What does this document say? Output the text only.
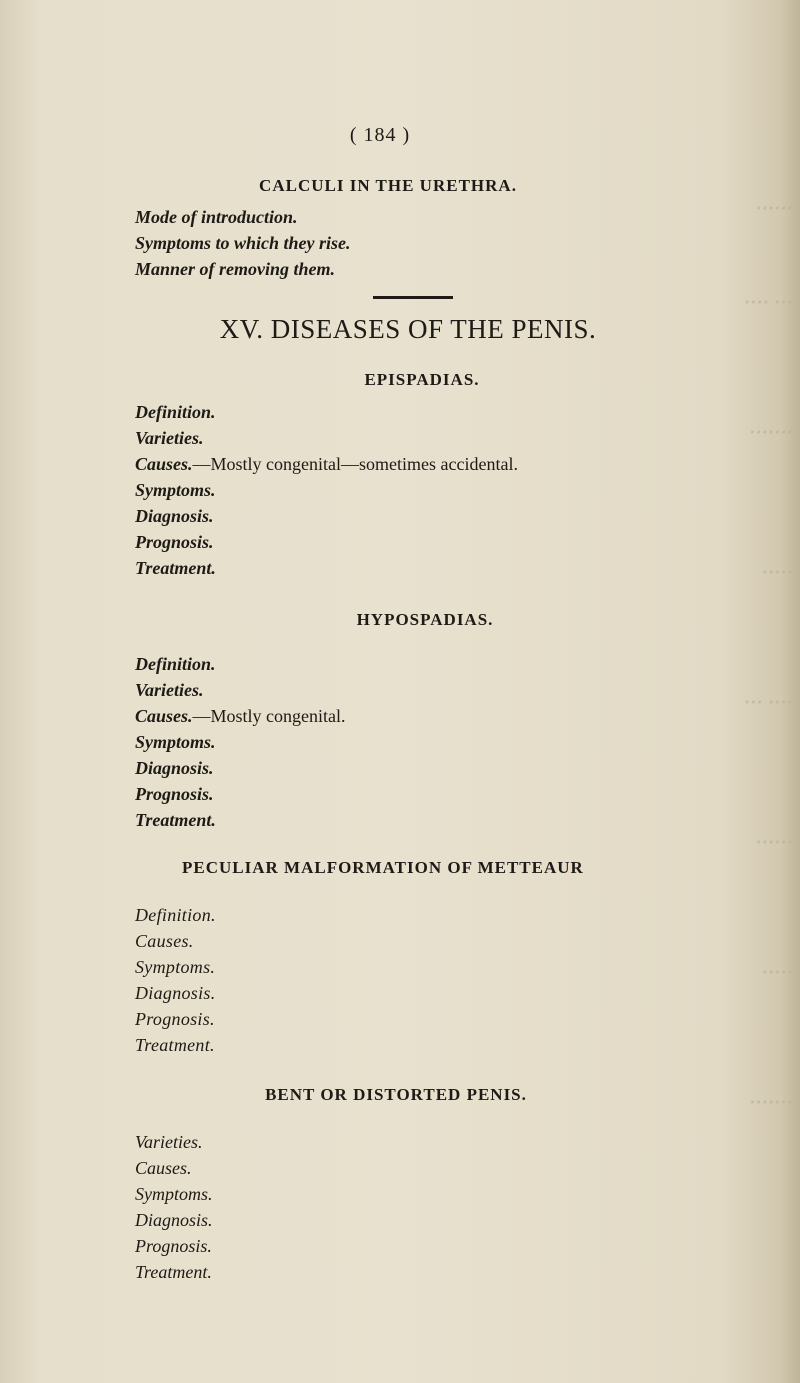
ꞏꞏꞏꞏꞏꞏ
ꞏꞏꞏꞏ ꞏꞏꞏ
ꞏꞏꞏꞏꞏꞏꞏ
ꞏꞏꞏꞏꞏ
ꞏꞏꞏ ꞏꞏꞏꞏ
ꞏꞏꞏꞏꞏꞏ
ꞏꞏꞏꞏꞏ
ꞏꞏꞏꞏꞏꞏꞏ
( 184 )
CALCULI IN THE URETHRA.
Mode of introduction.
Symptoms to which they rise.
Manner of removing them.
XV. DISEASES OF THE PENIS.
EPISPADIAS.
Definition.
Varieties.
Causes.—Mostly congenital—sometimes accidental.
Symptoms.
Diagnosis.
Prognosis.
Treatment.
HYPOSPADIAS.
Definition.
Varieties.
Causes.—Mostly congenital.
Symptoms.
Diagnosis.
Prognosis.
Treatment.
PECULIAR MALFORMATION OF METTEAUR
Definition.
Causes.
Symptoms.
Diagnosis.
Prognosis.
Treatment.
BENT OR DISTORTED PENIS.
Varieties.
Causes.
Symptoms.
Diagnosis.
Prognosis.
Treatment.
